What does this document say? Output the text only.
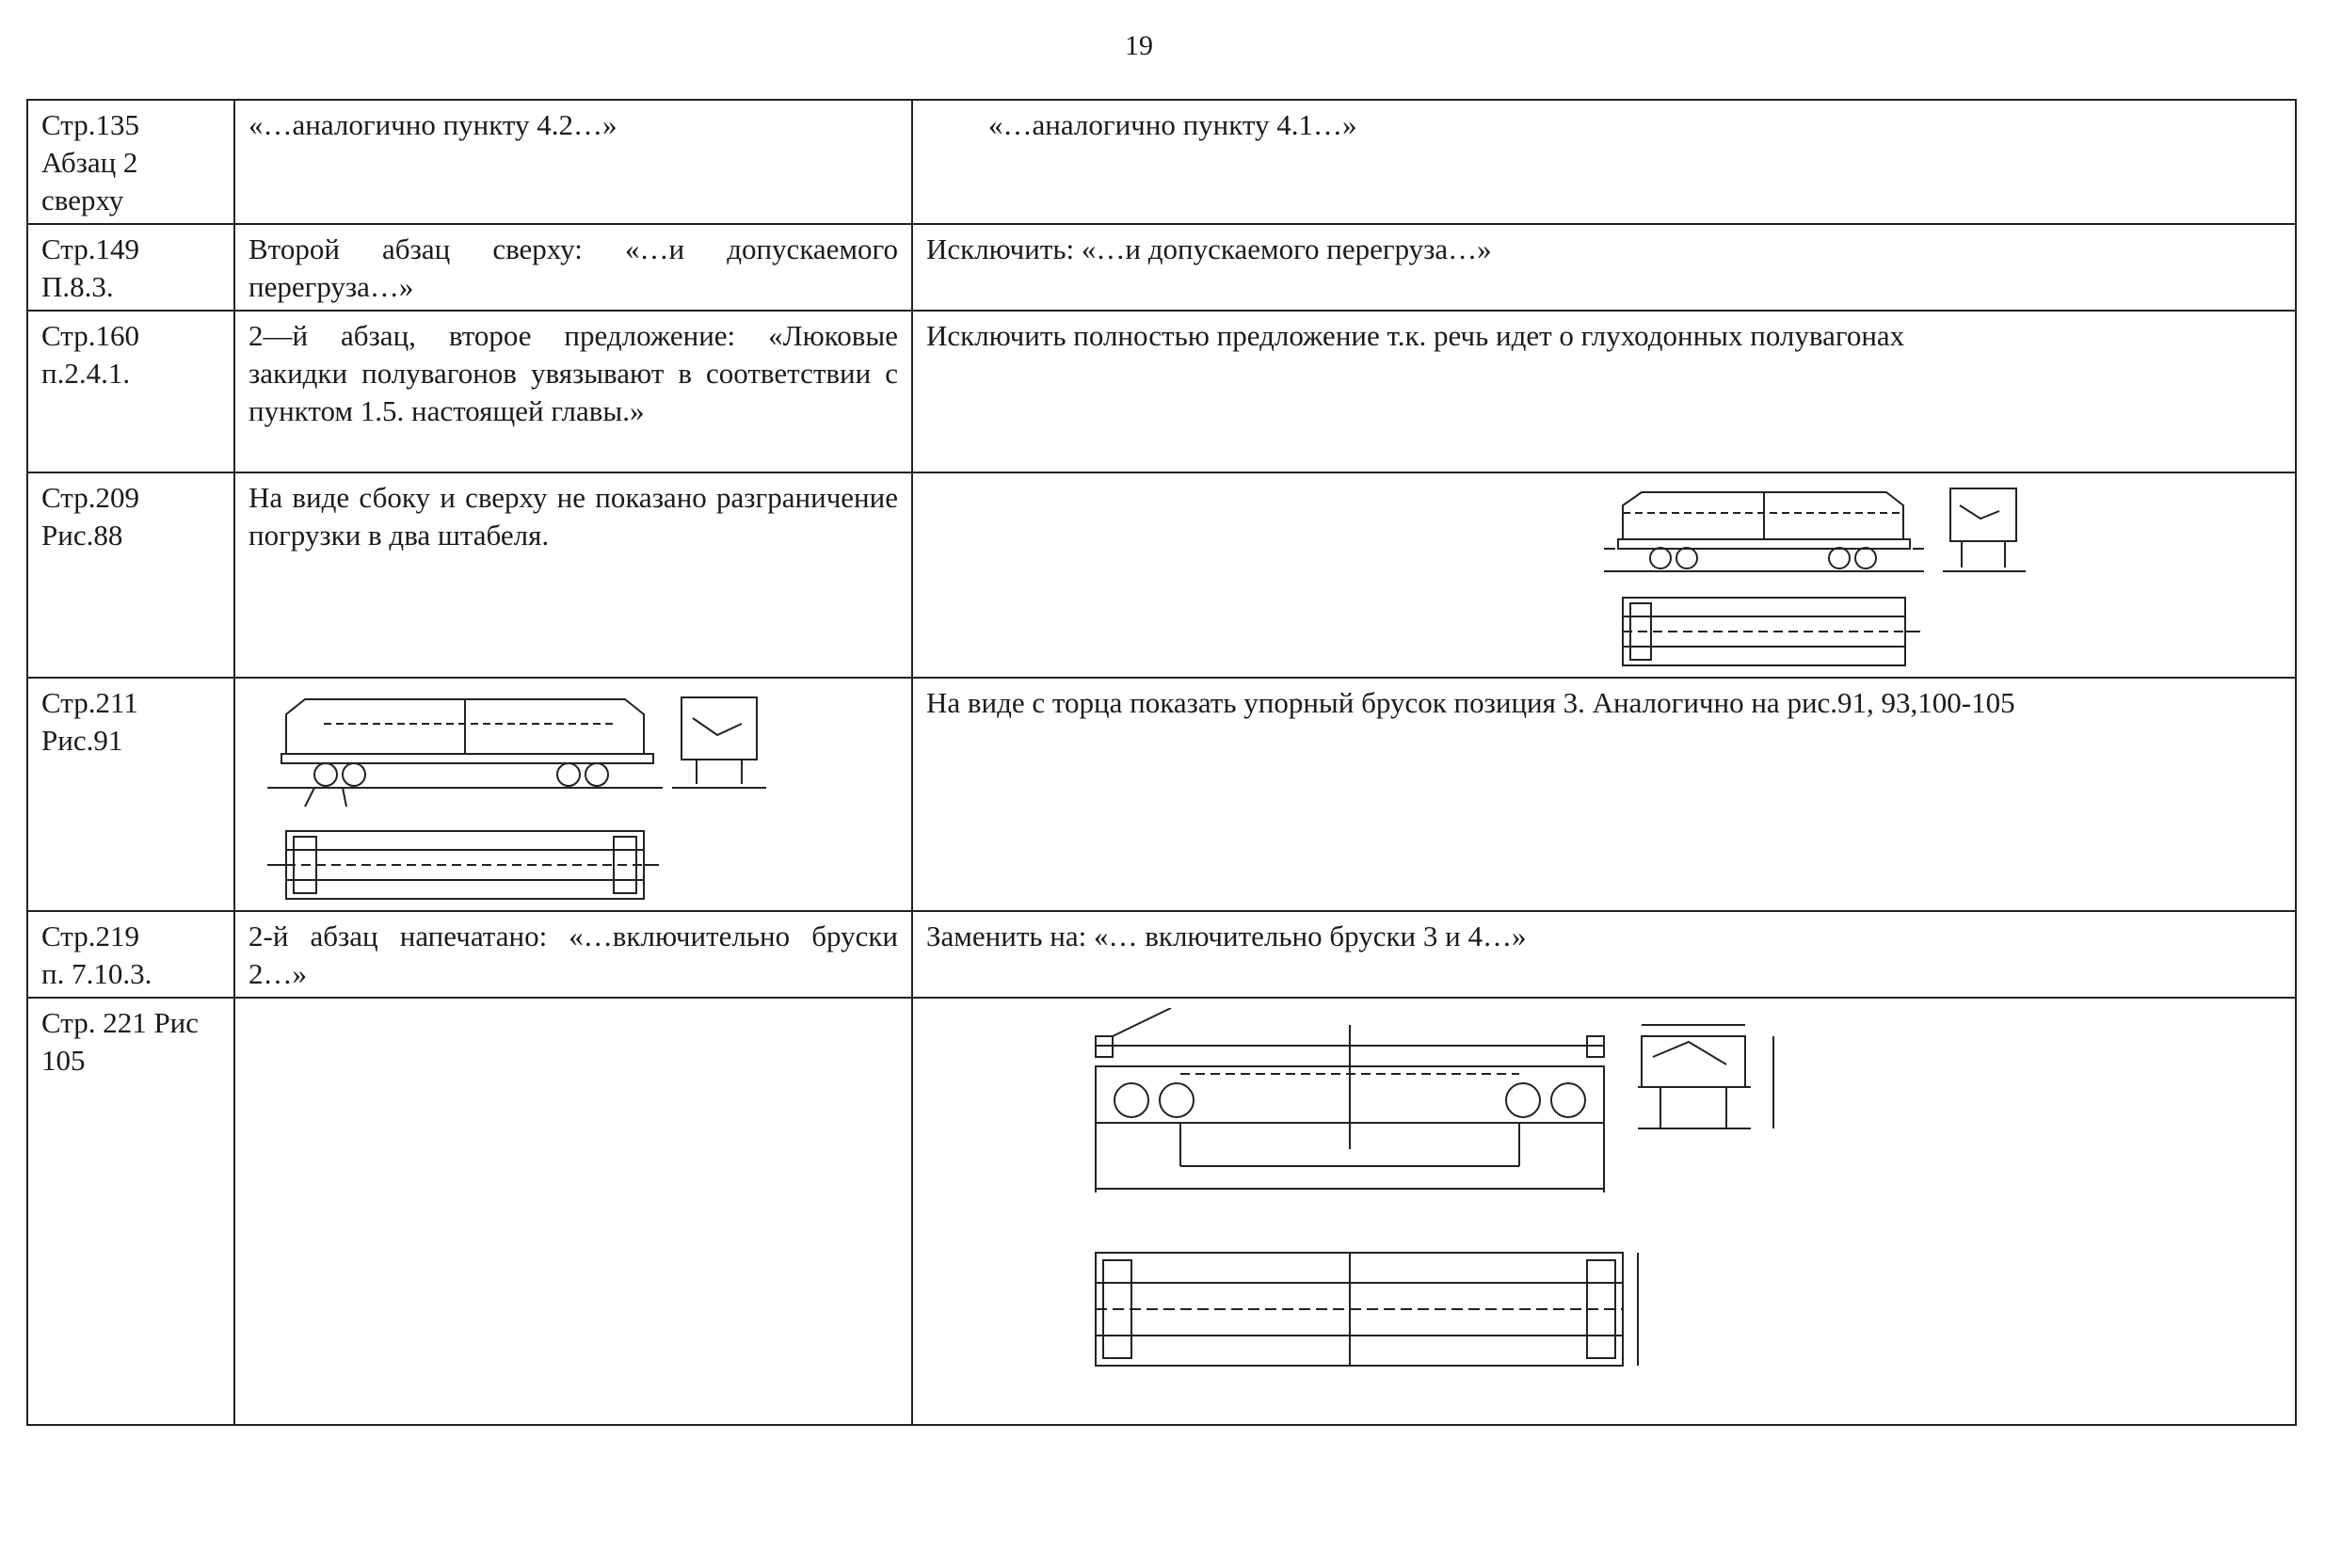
19
Стр.135
Абзац 2
сверху	«…аналогично пункту 4.2…»	«…аналогично пункту 4.1…»

Стр.149
П.8.3.	Второй абзац сверху: «…и допускаемого перегруза…»	Исключить: «…и допускаемого перегруза…»

Стр.160
п.2.4.1.	2—й абзац, второе предложение: «Люковые закидки полувагонов увязывают в соответствии с пунктом 1.5. настоящей главы.»	Исключить полностью предложение т.к. речь идет о глуходонных полувагонах

Стр.209
Рис.88	На виде сбоку и сверху не показано разграничение погрузки в два штабеля.	

Стр.211
Рис.91		На виде с торца показать упорный брусок позиция 3. Аналогично на рис.91, 93,100-105

Стр.219
п. 7.10.3.	2-й абзац напечатано: «…включительно бруски 2…»	Заменить на: «… включительно бруски 3 и 4…»

Стр. 221 Рис
105
